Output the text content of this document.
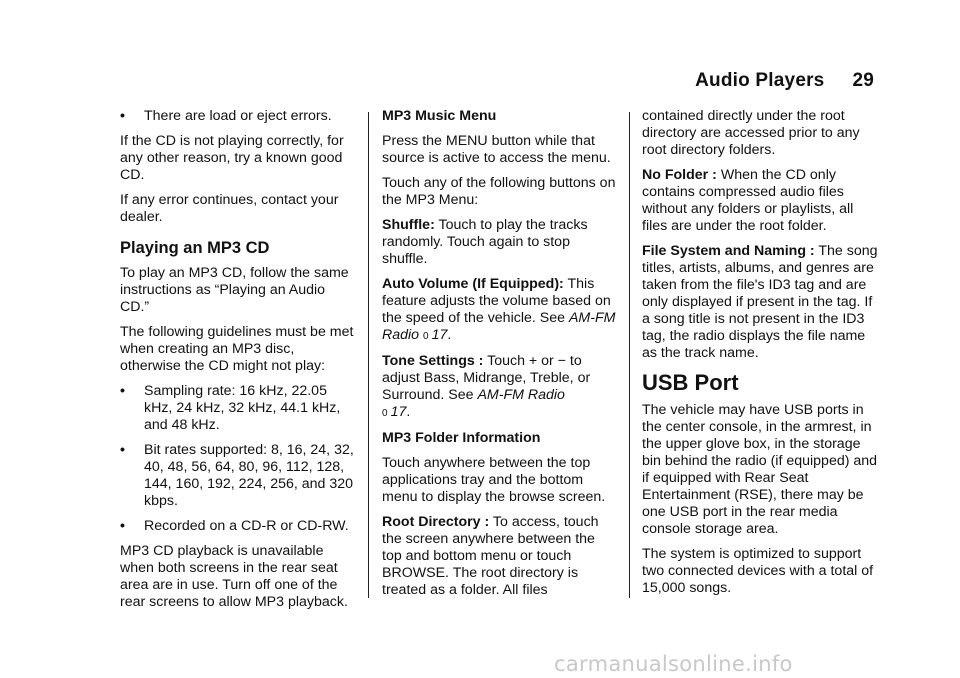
Audio Players 29
•	There are load or eject errors.

If the CD is not playing correctly, for any other reason, try a known good CD.

If any error continues, contact your dealer.

Playing an MP3 CD

To play an MP3 CD, follow the same instructions as “Playing an Audio CD.”

The following guidelines must be met when creating an MP3 disc, otherwise the CD might not play:

•	Sampling rate: 16 kHz, 22.05 kHz, 24 kHz, 32 kHz, 44.1 kHz, and 48 kHz.
•	Bit rates supported: 8, 16, 24, 32, 40, 48, 56, 64, 80, 96, 112, 128, 144, 160, 192, 224, 256, and 320 kbps.
•	Recorded on a CD-R or CD-RW.

MP3 CD playback is unavailable when both screens in the rear seat area are in use. Turn off one of the rear screens to allow MP3 playback.

MP3 Music Menu

Press the MENU button while that source is active to access the menu.

Touch any of the following buttons on the MP3 Menu:

Shuffle: Touch to play the tracks randomly. Touch again to stop shuffle.

Auto Volume (If Equipped): This feature adjusts the volume based on the speed of the vehicle. See AM-FM Radio 0 17.

Tone Settings : Touch + or − to adjust Bass, Midrange, Treble, or Surround. See AM-FM Radio
0 17.

MP3 Folder Information

Touch anywhere between the top applications tray and the bottom menu to display the browse screen.

Root Directory : To access, touch the screen anywhere between the top and bottom menu or touch BROWSE. The root directory is treated as a folder. All files

contained directly under the root directory are accessed prior to any root directory folders.

No Folder : When the CD only contains compressed audio files without any folders or playlists, all files are under the root folder.

File System and Naming : The song titles, artists, albums, and genres are taken from the file's ID3 tag and are only displayed if present in the tag. If a song title is not present in the ID3 tag, the radio displays the file name as the track name.

USB Port

The vehicle may have USB ports in the center console, in the armrest, in the upper glove box, in the storage bin behind the radio (if equipped) and if equipped with Rear Seat Entertainment (RSE), there may be one USB port in the rear media console storage area.

The system is optimized to support two connected devices with a total of 15,000 songs.

carmanualsonline.info
